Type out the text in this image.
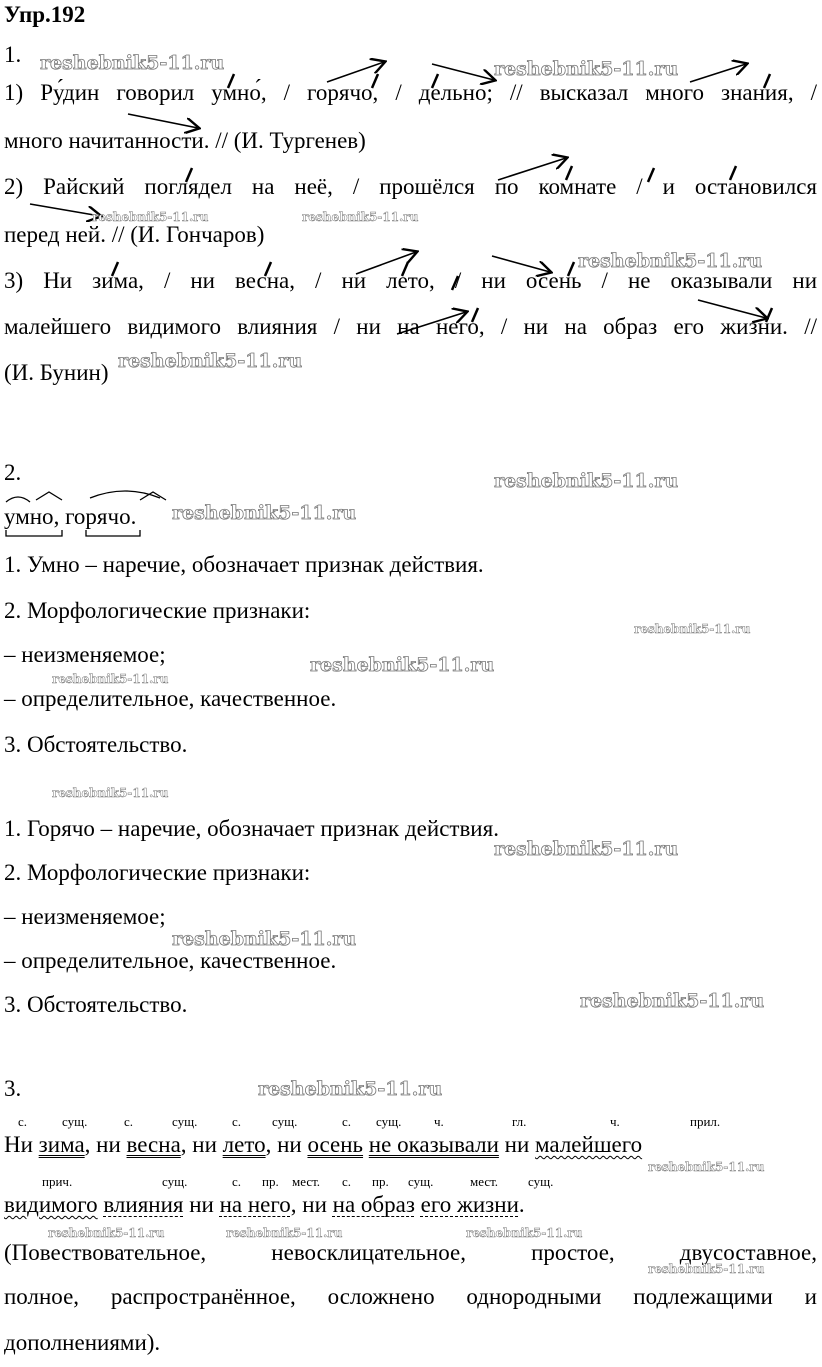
Упр.192
1.
1) Ру́дин говорил умно́, / горячо, / дельно; // высказал много знания, /
много начитанности. // (И. Тургенев)
2) Райский поглядел на неё, / прошёлся по комнате / и остановился
перед ней. // (И. Гончаров)
3) Ни зима, / ни весна, / ни лето, / ни осень / не оказывали ни
малейшего видимого влияния / ни на него, / ни на образ его жизни. //
(И. Бунин)
2.
умно, горячо.
1. Умно – наречие, обозначает признак действия.
2. Морфологические признаки:
– неизменяемое;
– определительное, качественное.
3. Обстоятельство.
1. Горячо – наречие, обозначает признак действия.
2. Морфологические признаки:
– неизменяемое;
– определительное, качественное.
3. Обстоятельство.
3.
с.	сущ.	с.	сущ.	с. сущ.	с. сущ.	ч.	гл.	ч.	прил.
Ни зима, ни весна, ни лето, ни осень не оказывали ни малейшего
прич.	сущ.	с. пр. мест. с. пр. сущ.	мест. сущ.
видимого влияния ни на него, ни на образ его жизни.
(Повествовательное, невосклицательное, простое, двусоставное,
полное, распространённое, осложнено однородными подлежащими и
дополнениями).
reshebnik5-11.ru	reshebnik5-11.ru
reshebnik5-11.ru	reshebnik5-11.ru
reshebnik5-11.ru
reshebnik5-11.ru
reshebnik5-11.ru
reshebnik5-11.ru
reshebnik5-11.ru
reshebnik5-11.ru
reshebnik5-11.ru
reshebnik5-11.ru
reshebnik5-11.ru
reshebnik5-11.ru
reshebnik5-11.ru
reshebnik5-11.ru
reshebnik5-11.ru
reshebnik5-11.ru	reshebnik5-11.ru	reshebnik5-11.ru
reshebnik5-11.ru
